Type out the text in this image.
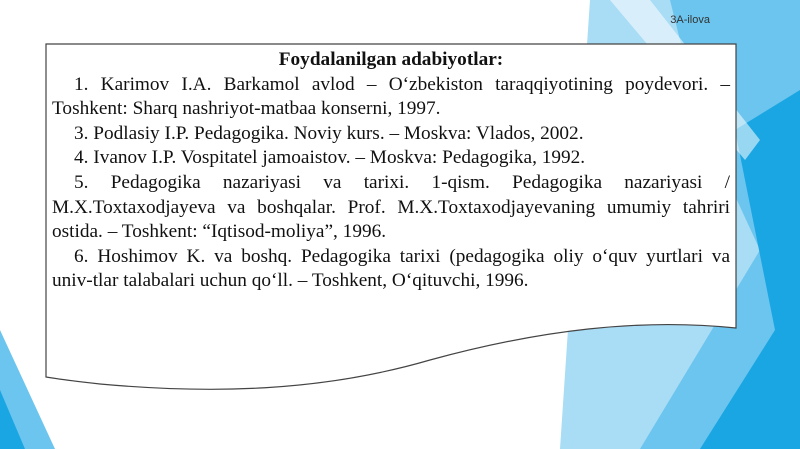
3A-ilova

Foydalanilgan adabiyotlar:

1. Karimov I.A. Barkamol avlod – O‘zbekiston taraqqiyotining poydevori. – Toshkent: Sharq nashriyot-matbaa konserni, 1997.

3. Podlasiy I.P. Pedagogika. Noviy kurs. – Moskva: Vlados, 2002.

4. Ivanov I.P. Vospitatel jamoaistov. – Moskva: Pedagogika, 1992.

5. Pedagogika nazariyasi va tarixi. 1-qism. Pedagogika nazariyasi / M.X.Toxtaxodjayeva va boshqalar. Prof. M.X.Toxtaxodjayevaning umumiy tahriri ostida. – Toshkent: “Iqtisod-moliya”, 1996.

6. Hoshimov K. va boshq. Pedagogika tarixi (pedagogika oliy o‘quv yurtlari va univ-tlar talabalari uchun qo‘ll. – Toshkent, O‘qituvchi, 1996.
